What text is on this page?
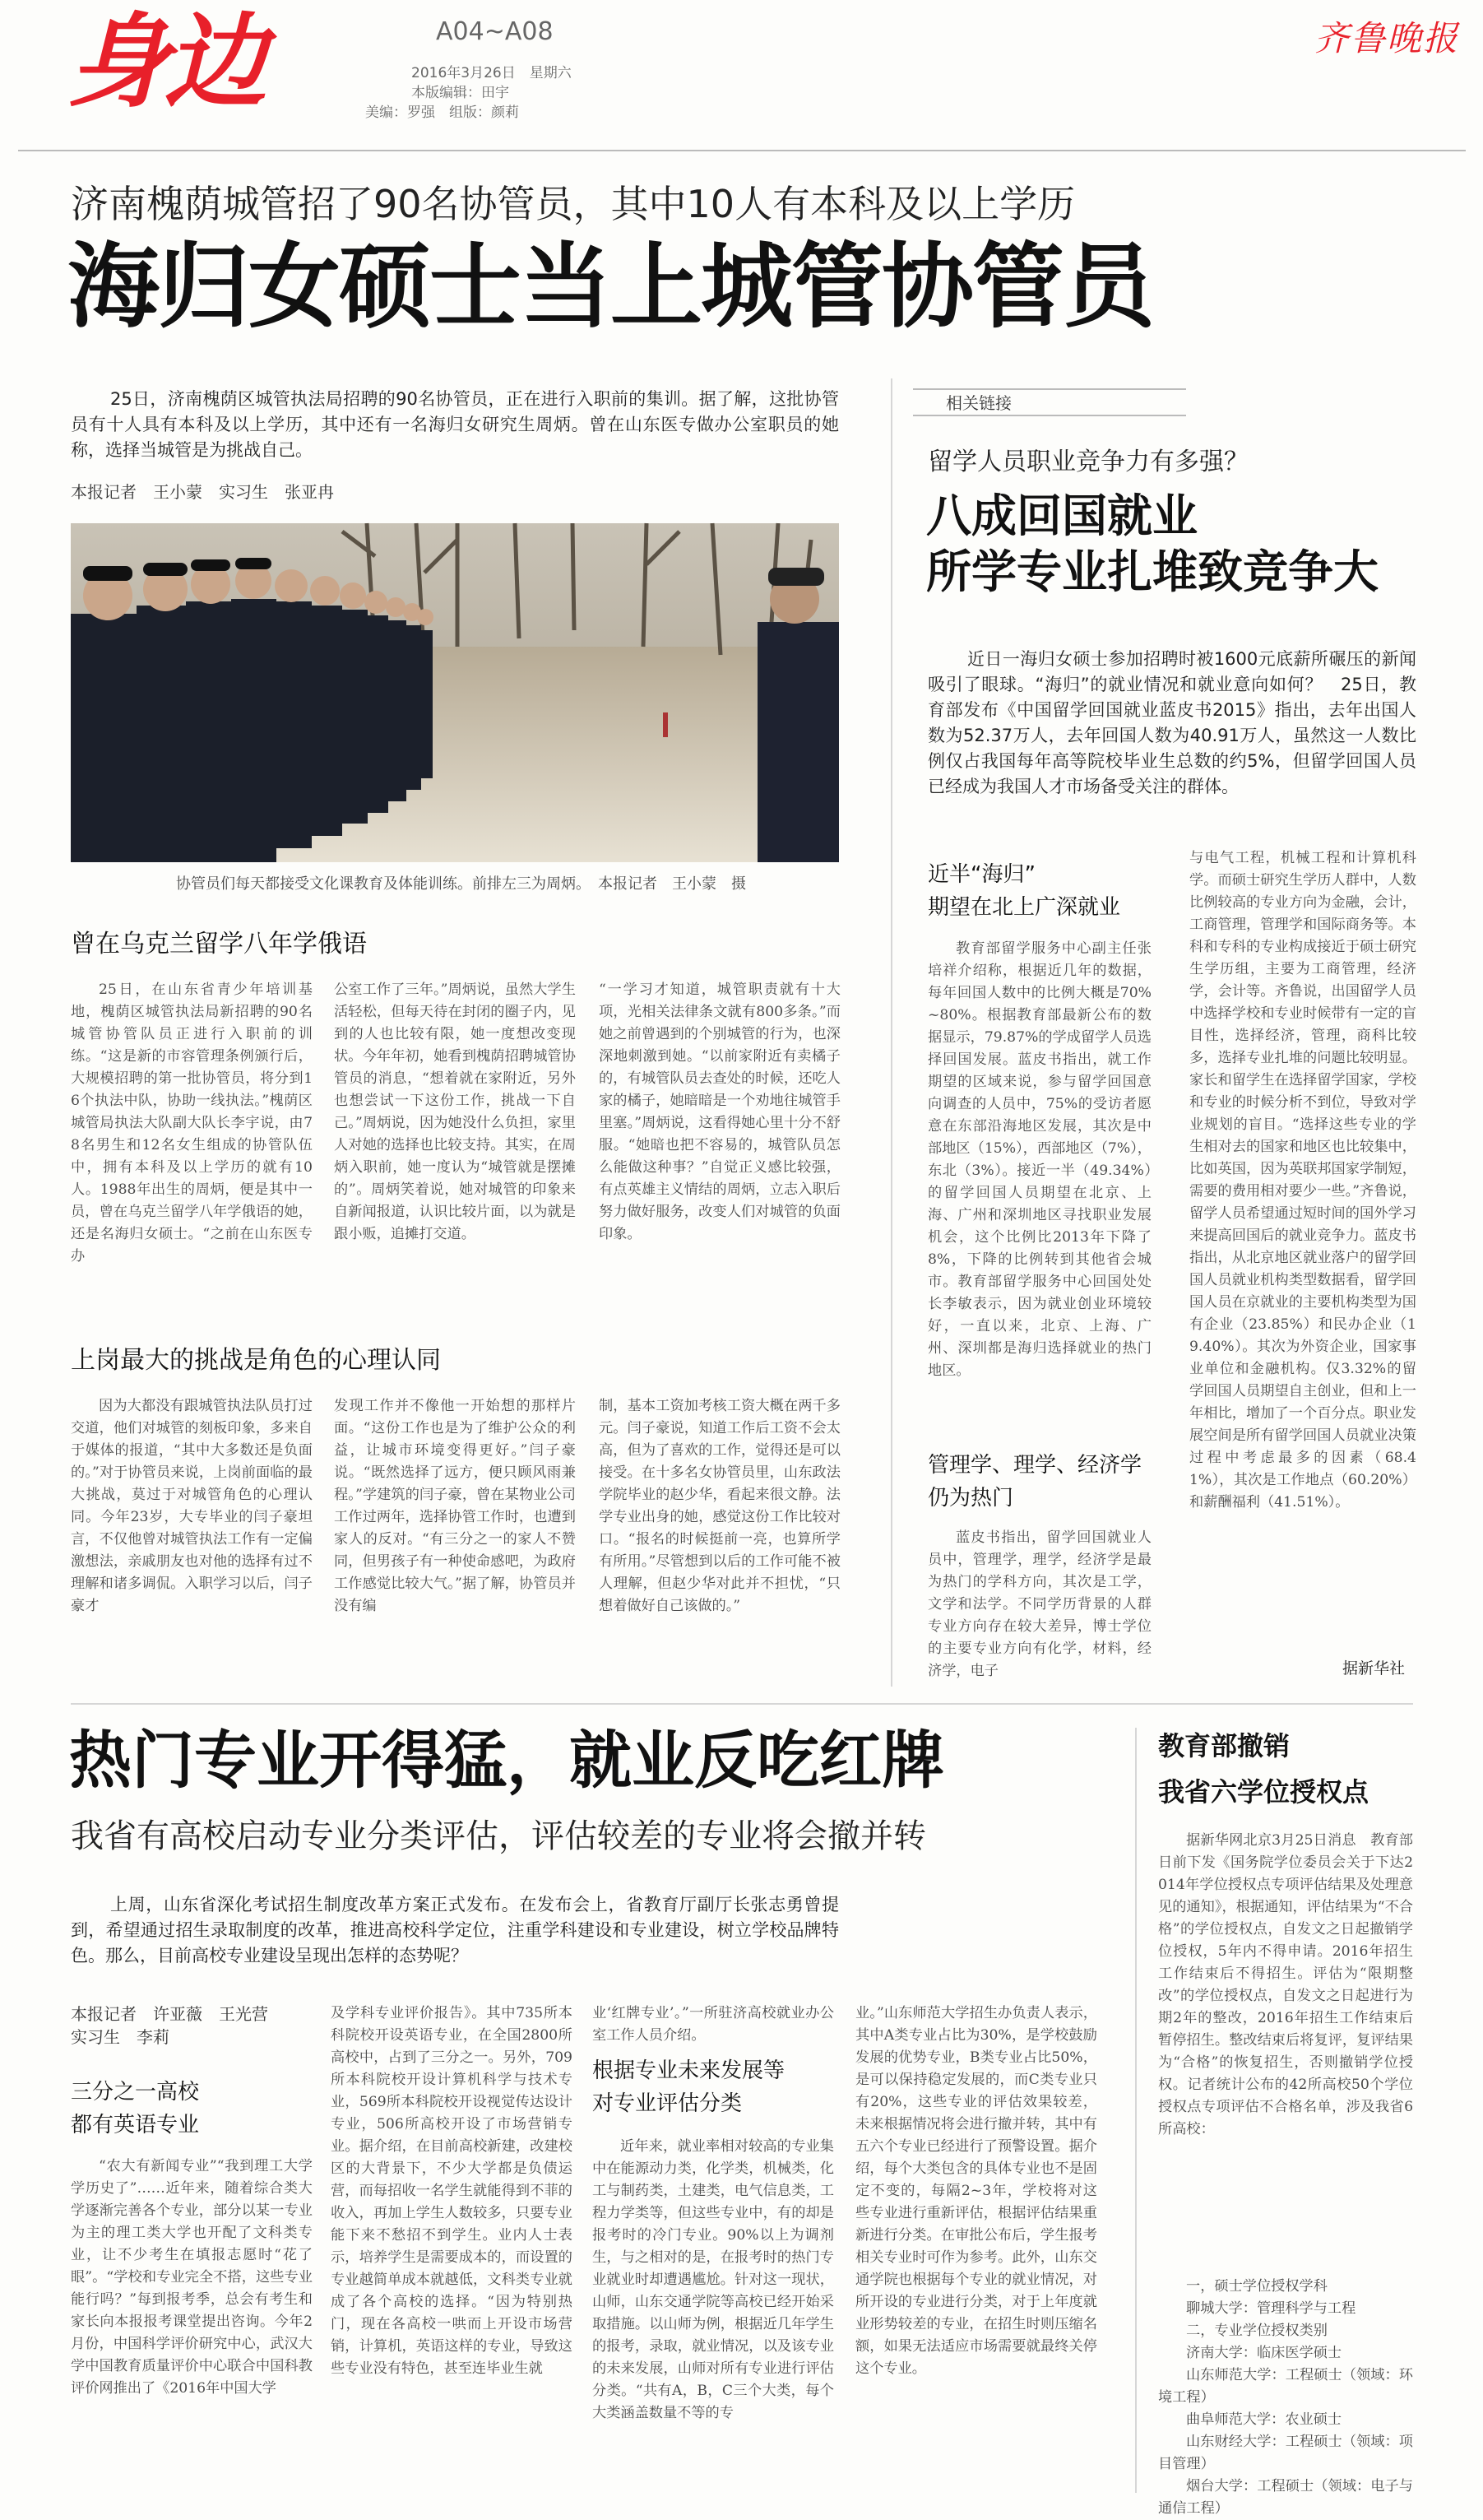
身边	A04~A08
2016年3月26日　星期六
本版编辑：田宇
美编：罗强　组版：颜莉
齐鲁晚报
济南槐荫城管招了90名协管员，其中10人有本科及以上学历
海归女硕士当上城管协管员
25日，济南槐荫区城管执法局招聘的90名协管员，正在进行入职前的集训。据了解，这批协管员有十人具有本科及以上学历，其中还有一名海归女研究生周炳。曾在山东医专做办公室职员的她称，选择当城管是为挑战自己。
本报记者　王小蒙　实习生　张亚冉
协管员们每天都接受文化课教育及体能训练。前排左三为周炳。　本报记者　王小蒙　摄
曾在乌克兰留学八年学俄语
25日，在山东省青少年培训基地，槐荫区城管执法局新招聘的90名城管协管队员正进行入职前的训练。“这是新的市容管理条例颁行后，大规模招聘的第一批协管员，将分到16个执法中队，协助一线执法。”槐荫区城管局执法大队副大队长李宇说，由78名男生和12名女生组成的协管队伍中，拥有本科及以上学历的就有10人。1988年出生的周炳，便是其中一员，曾在乌克兰留学八年学俄语的她，还是名海归女硕士。“之前在山东医专办
公室工作了三年。”周炳说，虽然大学生活轻松，但每天待在封闭的圈子内，见到的人也比较有限，她一度想改变现状。今年年初，她看到槐荫招聘城管协管员的消息，“想着就在家附近，另外也想尝试一下这份工作，挑战一下自己。”周炳说，因为她没什么负担，家里人对她的选择也比较支持。其实，在周炳入职前，她一度认为“城管就是摆摊的”。周炳笑着说，她对城管的印象来自新闻报道，认识比较片面，以为就是跟小贩，追摊打交道。
“一学习才知道，城管职责就有十大项，光相关法律条文就有800多条。”而她之前曾遇到的个别城管的行为，也深深地刺激到她。“以前家附近有卖橘子的，有城管队员去查处的时候，还吃人家的橘子，她暗暗是一个劝地往城管手里塞。”周炳说，这看得她心里十分不舒服。“她暗也把不容易的，城管队员怎么能做这种事？”自觉正义感比较强，有点英雄主义情结的周炳，立志入职后努力做好服务，改变人们对城管的负面印象。
上岗最大的挑战是角色的心理认同
因为大都没有跟城管执法队员打过交道，他们对城管的刻板印象，多来自于媒体的报道，“其中大多数还是负面的。”对于协管员来说，上岗前面临的最大挑战，莫过于对城管角色的心理认同。今年23岁，大专毕业的闫子豪坦言，不仅他曾对城管执法工作有一定偏激想法，亲戚朋友也对他的选择有过不理解和诸多调侃。入职学习以后，闫子豪才
发现工作并不像他一开始想的那样片面。“这份工作也是为了维护公众的利益，让城市环境变得更好。”闫子豪说。“既然选择了远方，便只顾风雨兼程。”学建筑的闫子豪，曾在某物业公司工作过两年，选择协管工作时，也遭到家人的反对。“有三分之一的家人不赞同，但男孩子有一种使命感吧，为政府工作感觉比较大气。”据了解，协管员并没有编
制，基本工资加考核工资大概在两千多元。闫子豪说，知道工作后工资不会太高，但为了喜欢的工作，觉得还是可以接受。在十多名女协管员里，山东政法学院毕业的赵少华，看起来很文静。法学专业出身的她，感觉这份工作比较对口。“报名的时候挺前一亮，也算所学有所用。”尽管想到以后的工作可能不被人理解，但赵少华对此并不担忧，“只想着做好自己该做的。”
相关链接
留学人员职业竞争力有多强？
八成回国就业
所学专业扎堆致竞争大
近日一海归女硕士参加招聘时被1600元底薪所碾压的新闻吸引了眼球。“海归”的就业情况和就业意向如何？　25日，教育部发布《中国留学回国就业蓝皮书2015》指出，去年出国人数为52.37万人，去年回国人数为40.91万人，虽然这一人数比例仅占我国每年高等院校毕业生总数的约5%，但留学回国人员已经成为我国人才市场备受关注的群体。
近半“海归”
期望在北上广深就业
教育部留学服务中心副主任张培祥介绍称，根据近几年的数据，每年回国人数中的比例大概是70%~80%。根据教育部最新公布的数据显示，79.87%的学成留学人员选择回国发展。蓝皮书指出，就工作期望的区域来说，参与留学回国意向调查的人员中，75%的受访者愿意在东部沿海地区发展，其次是中部地区（15%），西部地区（7%），东北（3%）。接近一半（49.34%）的留学回国人员期望在北京、上海、广州和深圳地区寻找职业发展机会，这个比例比2013年下降了8%，下降的比例转到其他省会城市。教育部留学服务中心回国处处长李敏表示，因为就业创业环境较好，一直以来，北京、上海、广州、深圳都是海归选择就业的热门地区。
管理学、理学、经济学
仍为热门
蓝皮书指出，留学回国就业人员中，管理学，理学，经济学是最为热门的学科方向，其次是工学，文学和法学。不同学历背景的人群专业方向存在较大差异，博士学位的主要专业方向有化学，材料，经济学，电子
与电气工程，机械工程和计算机科学。而硕士研究生学历人群中，人数比例较高的专业方向为金融，会计，工商管理，管理学和国际商务等。本科和专科的专业构成接近于硕士研究生学历组，主要为工商管理，经济学，会计等。齐鲁说，出国留学人员中选择学校和专业时候带有一定的盲目性，选择经济，管理，商科比较多，选择专业扎堆的问题比较明显。家长和留学生在选择留学国家，学校和专业的时候分析不到位，导致对学业规划的盲目。“选择这些专业的学生相对去的国家和地区也比较集中，比如英国，因为英联邦国家学制短，需要的费用相对要少一些。”齐鲁说，留学人员希望通过短时间的国外学习来提高回国后的就业竞争力。蓝皮书指出，从北京地区就业落户的留学回国人员就业机构类型数据看，留学回国人员在京就业的主要机构类型为国有企业（23.85%）和民办企业（19.40%）。其次为外资企业，国家事业单位和金融机构。仅3.32%的留学回国人员期望自主创业，但和上一年相比，增加了一个百分点。职业发展空间是所有留学回国人员就业决策过程中考虑最多的因素（68.41%），其次是工作地点（60.20%）和薪酬福利（41.51%）。
据新华社
热门专业开得猛，就业反吃红牌
我省有高校启动专业分类评估，评估较差的专业将会撤并转
上周，山东省深化考试招生制度改革方案正式发布。在发布会上，省教育厅副厅长张志勇曾提到，希望通过招生录取制度的改革，推进高校科学定位，注重学科建设和专业建设，树立学校品牌特色。那么，目前高校专业建设呈现出怎样的态势呢？
本报记者　许亚薇　王光营
实习生　李莉
三分之一高校
都有英语专业
“农大有新闻专业”“我到理工大学学历史了”……近年来，随着综合类大学逐渐完善各个专业，部分以某一专业为主的理工类大学也开配了文科类专业，让不少考生在填报志愿时“花了眼”。“学校和专业完全不搭，这些专业能行吗？”每到报考季，总会有考生和家长向本报报考课堂提出咨询。今年2月份，中国科学评价研究中心，武汉大学中国教育质量评价中心联合中国科教评价网推出了《2016年中国大学
及学科专业评价报告》。其中735所本科院校开设英语专业，在全国2800所高校中，占到了三分之一。另外，709所本科院校开设计算机科学与技术专业，569所本科院校开设视觉传达设计专业，506所高校开设了市场营销专业。据介绍，在目前高校新建，改建校区的大背景下，不少大学都是负债运营，而每招收一名学生就能得到不菲的收入，再加上学生人数较多，只要专业能下来不愁招不到学生。业内人士表示，培养学生是需要成本的，而设置的专业越简单成本就越低，文科类专业就成了各个高校的选择。“因为特别热门，现在各高校一哄而上开设市场营销，计算机，英语这样的专业，导致这些专业没有特色，甚至连毕业生就
业‘红牌专业’。”一所驻济高校就业办公室工作人员介绍。
根据专业未来发展等
对专业评估分类
近年来，就业率相对较高的专业集中在能源动力类，化学类，机械类，化工与制药类，土建类，电气信息类，工程力学类等，但这些专业中，有的却是报考时的冷门专业。90%以上为调剂生，与之相对的是，在报考时的热门专业就业时却遭遇尴尬。针对这一现状，山师，山东交通学院等高校已经开始采取措施。以山师为例，根据近几年学生的报考，录取，就业情况，以及该专业的未来发展，山师对所有专业进行评估分类。“共有A，B，C三个大类，每个大类涵盖数量不等的专
业。”山东师范大学招生办负责人表示，其中A类专业占比为30%，是学校鼓励发展的优势专业，B类专业占比50%，是可以保持稳定发展的，而C类专业只有20%，这些专业的评估效果较差，未来根据情况将会进行撤并转，其中有五六个专业已经进行了预警设置。据介绍，每个大类包含的具体专业也不是固定不变的，每隔2~3年，学校将对这些专业进行重新评估，根据评估结果重新进行分类。在审批公布后，学生报考相关专业时可作为参考。此外，山东交通学院也根据每个专业的就业情况，对所开设的专业进行分类，对于上年度就业形势较差的专业，在招生时则压缩名额，如果无法适应市场需要就最终关停这个专业。
教育部撤销
我省六学位授权点
据新华网北京3月25日消息　教育部日前下发《国务院学位委员会关于下达2014年学位授权点专项评估结果及处理意见的通知》，根据通知，评估结果为“不合格”的学位授权点，自发文之日起撤销学位授权，5年内不得申请。2016年招生工作结束后不得招生。评估为“限期整改”的学位授权点，自发文之日起进行为期2年的整改，2016年招生工作结束后暂停招生。整改结束后将复评，复评结果为“合格”的恢复招生，否则撤销学位授权。记者统计公布的42所高校50个学位授权点专项评估不合格名单，涉及我省6所高校：
一，硕士学位授权学科
聊城大学：管理科学与工程
二，专业学位授权类别
济南大学：临床医学硕士
山东师范大学：工程硕士（领域：环境工程）
曲阜师范大学：农业硕士
山东财经大学：工程硕士（领域：项目管理）
烟台大学：工程硕士（领域：电子与通信工程）
